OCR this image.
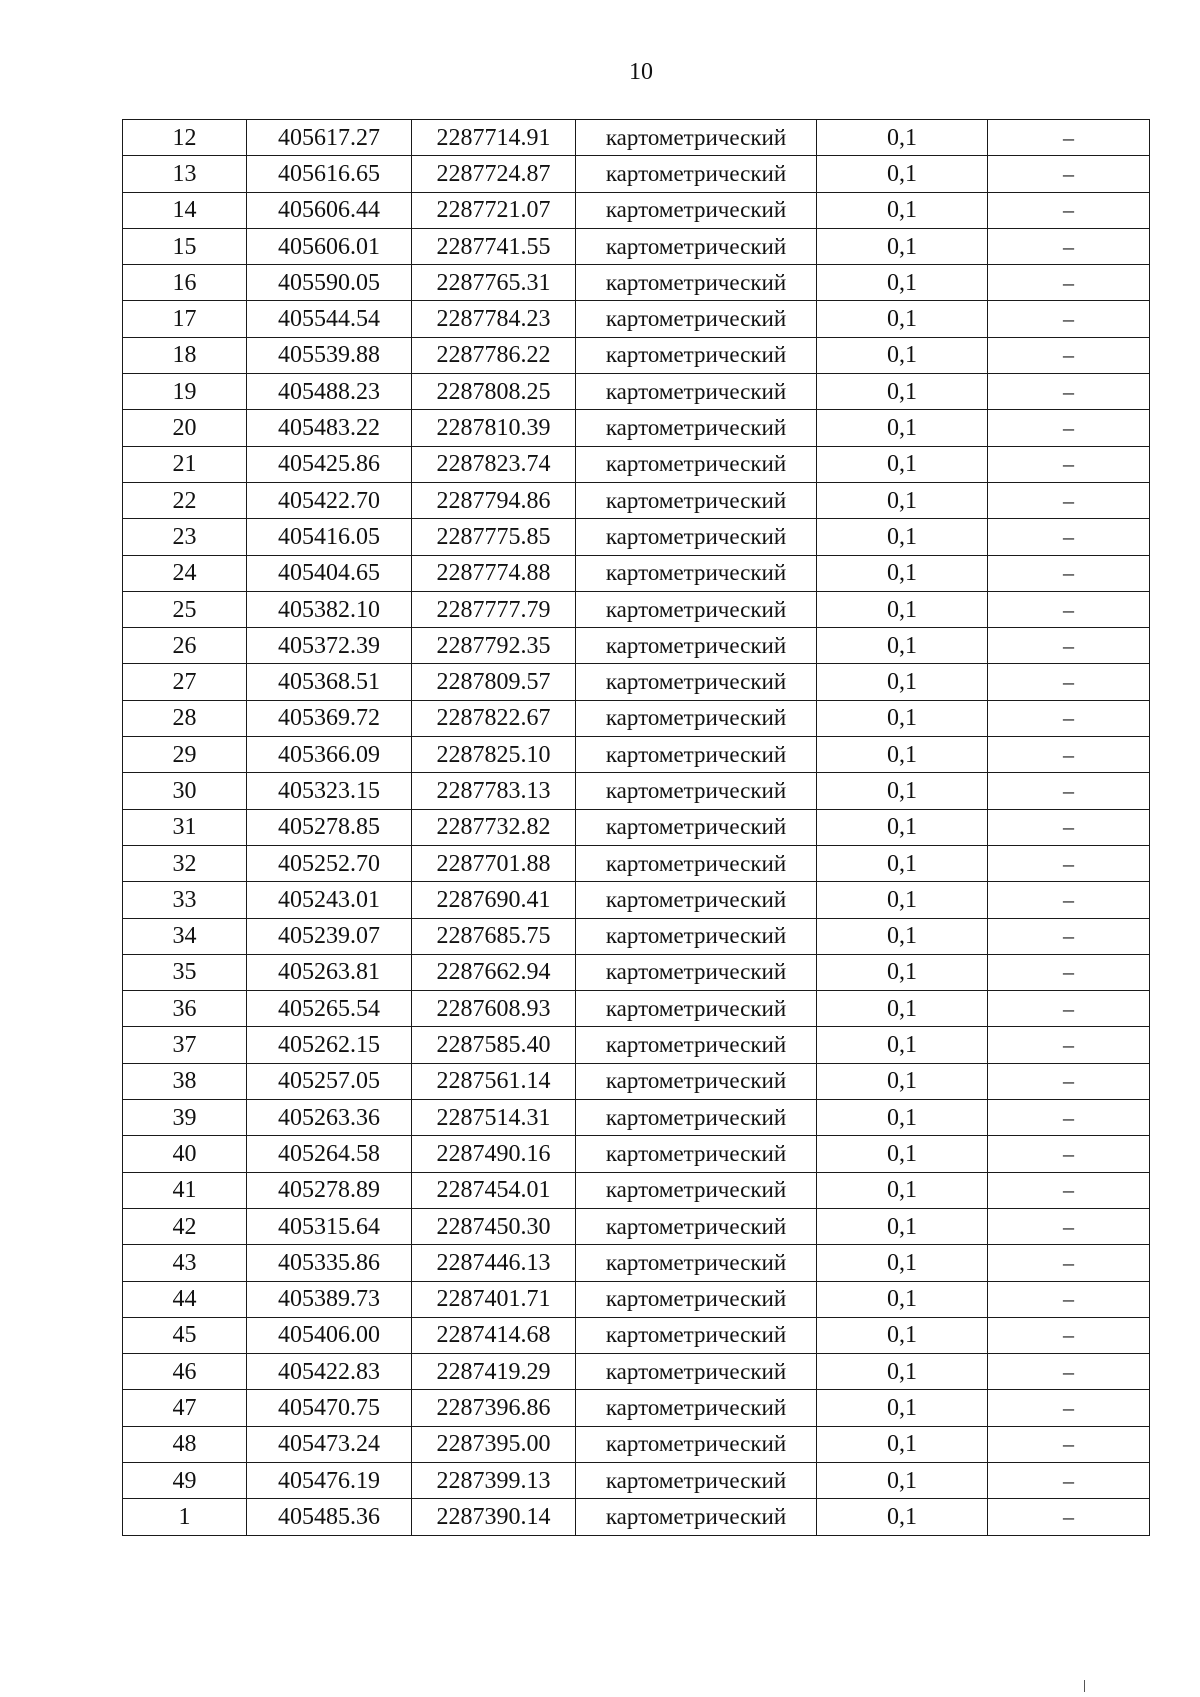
10
12	405617.27	2287714.91	картометрический	0,1	–
13	405616.65	2287724.87	картометрический	0,1	–
14	405606.44	2287721.07	картометрический	0,1	–
15	405606.01	2287741.55	картометрический	0,1	–
16	405590.05	2287765.31	картометрический	0,1	–
17	405544.54	2287784.23	картометрический	0,1	–
18	405539.88	2287786.22	картометрический	0,1	–
19	405488.23	2287808.25	картометрический	0,1	–
20	405483.22	2287810.39	картометрический	0,1	–
21	405425.86	2287823.74	картометрический	0,1	–
22	405422.70	2287794.86	картометрический	0,1	–
23	405416.05	2287775.85	картометрический	0,1	–
24	405404.65	2287774.88	картометрический	0,1	–
25	405382.10	2287777.79	картометрический	0,1	–
26	405372.39	2287792.35	картометрический	0,1	–
27	405368.51	2287809.57	картометрический	0,1	–
28	405369.72	2287822.67	картометрический	0,1	–
29	405366.09	2287825.10	картометрический	0,1	–
30	405323.15	2287783.13	картометрический	0,1	–
31	405278.85	2287732.82	картометрический	0,1	–
32	405252.70	2287701.88	картометрический	0,1	–
33	405243.01	2287690.41	картометрический	0,1	–
34	405239.07	2287685.75	картометрический	0,1	–
35	405263.81	2287662.94	картометрический	0,1	–
36	405265.54	2287608.93	картометрический	0,1	–
37	405262.15	2287585.40	картометрический	0,1	–
38	405257.05	2287561.14	картометрический	0,1	–
39	405263.36	2287514.31	картометрический	0,1	–
40	405264.58	2287490.16	картометрический	0,1	–
41	405278.89	2287454.01	картометрический	0,1	–
42	405315.64	2287450.30	картометрический	0,1	–
43	405335.86	2287446.13	картометрический	0,1	–
44	405389.73	2287401.71	картометрический	0,1	–
45	405406.00	2287414.68	картометрический	0,1	–
46	405422.83	2287419.29	картометрический	0,1	–
47	405470.75	2287396.86	картометрический	0,1	–
48	405473.24	2287395.00	картометрический	0,1	–
49	405476.19	2287399.13	картометрический	0,1	–
1	405485.36	2287390.14	картометрический	0,1	–
